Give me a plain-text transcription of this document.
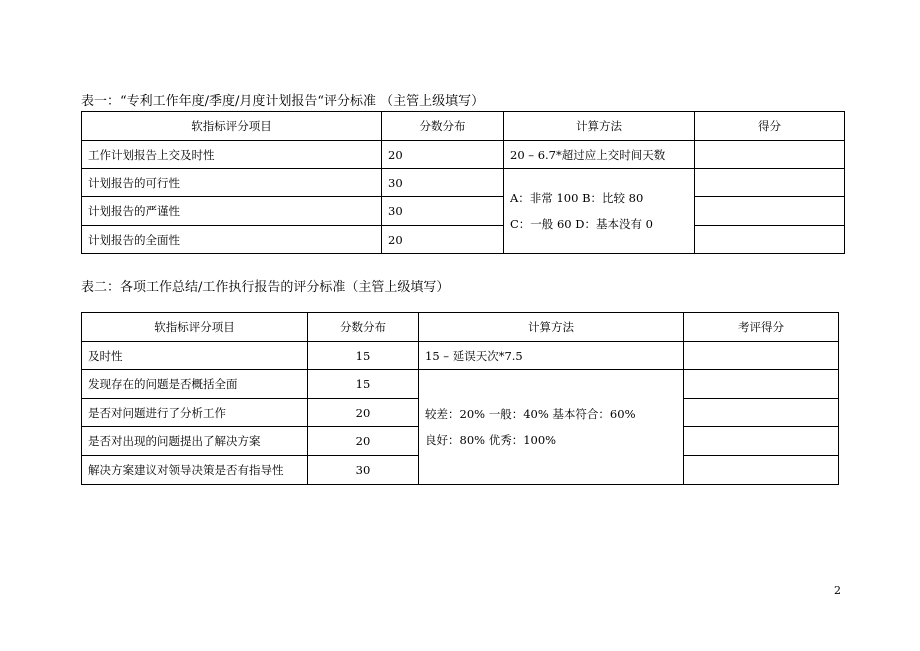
表一：“专利工作年度/季度/月度计划报告“评分标准 （主管上级填写）
软指标评分项目	分数分布	计算方法	得分
工作计划报告上交及时性	20	20 – 6.7*超过应上交时间天数	
计划报告的可行性	30	A：非常 100 B：比较 80
C：一般 60 D：基本没有 0	

计划报告的严谨性	30		
计划报告的全面性	20		
表二：各项工作总结/工作执行报告的评分标准（主管上级填写）
软指标评分项目	分数分布	计算方法	考评得分
及时性	15	15 – 延误天次*7.5	
发现存在的问题是否概括全面	15	较差：20% 一般：40% 基本符合：60%
良好：80% 优秀：100%	

是否对问题进行了分析工作	20		
是否对出现的问题提出了解决方案	20		
解决方案建议对领导决策是否有指导性	30		
2
